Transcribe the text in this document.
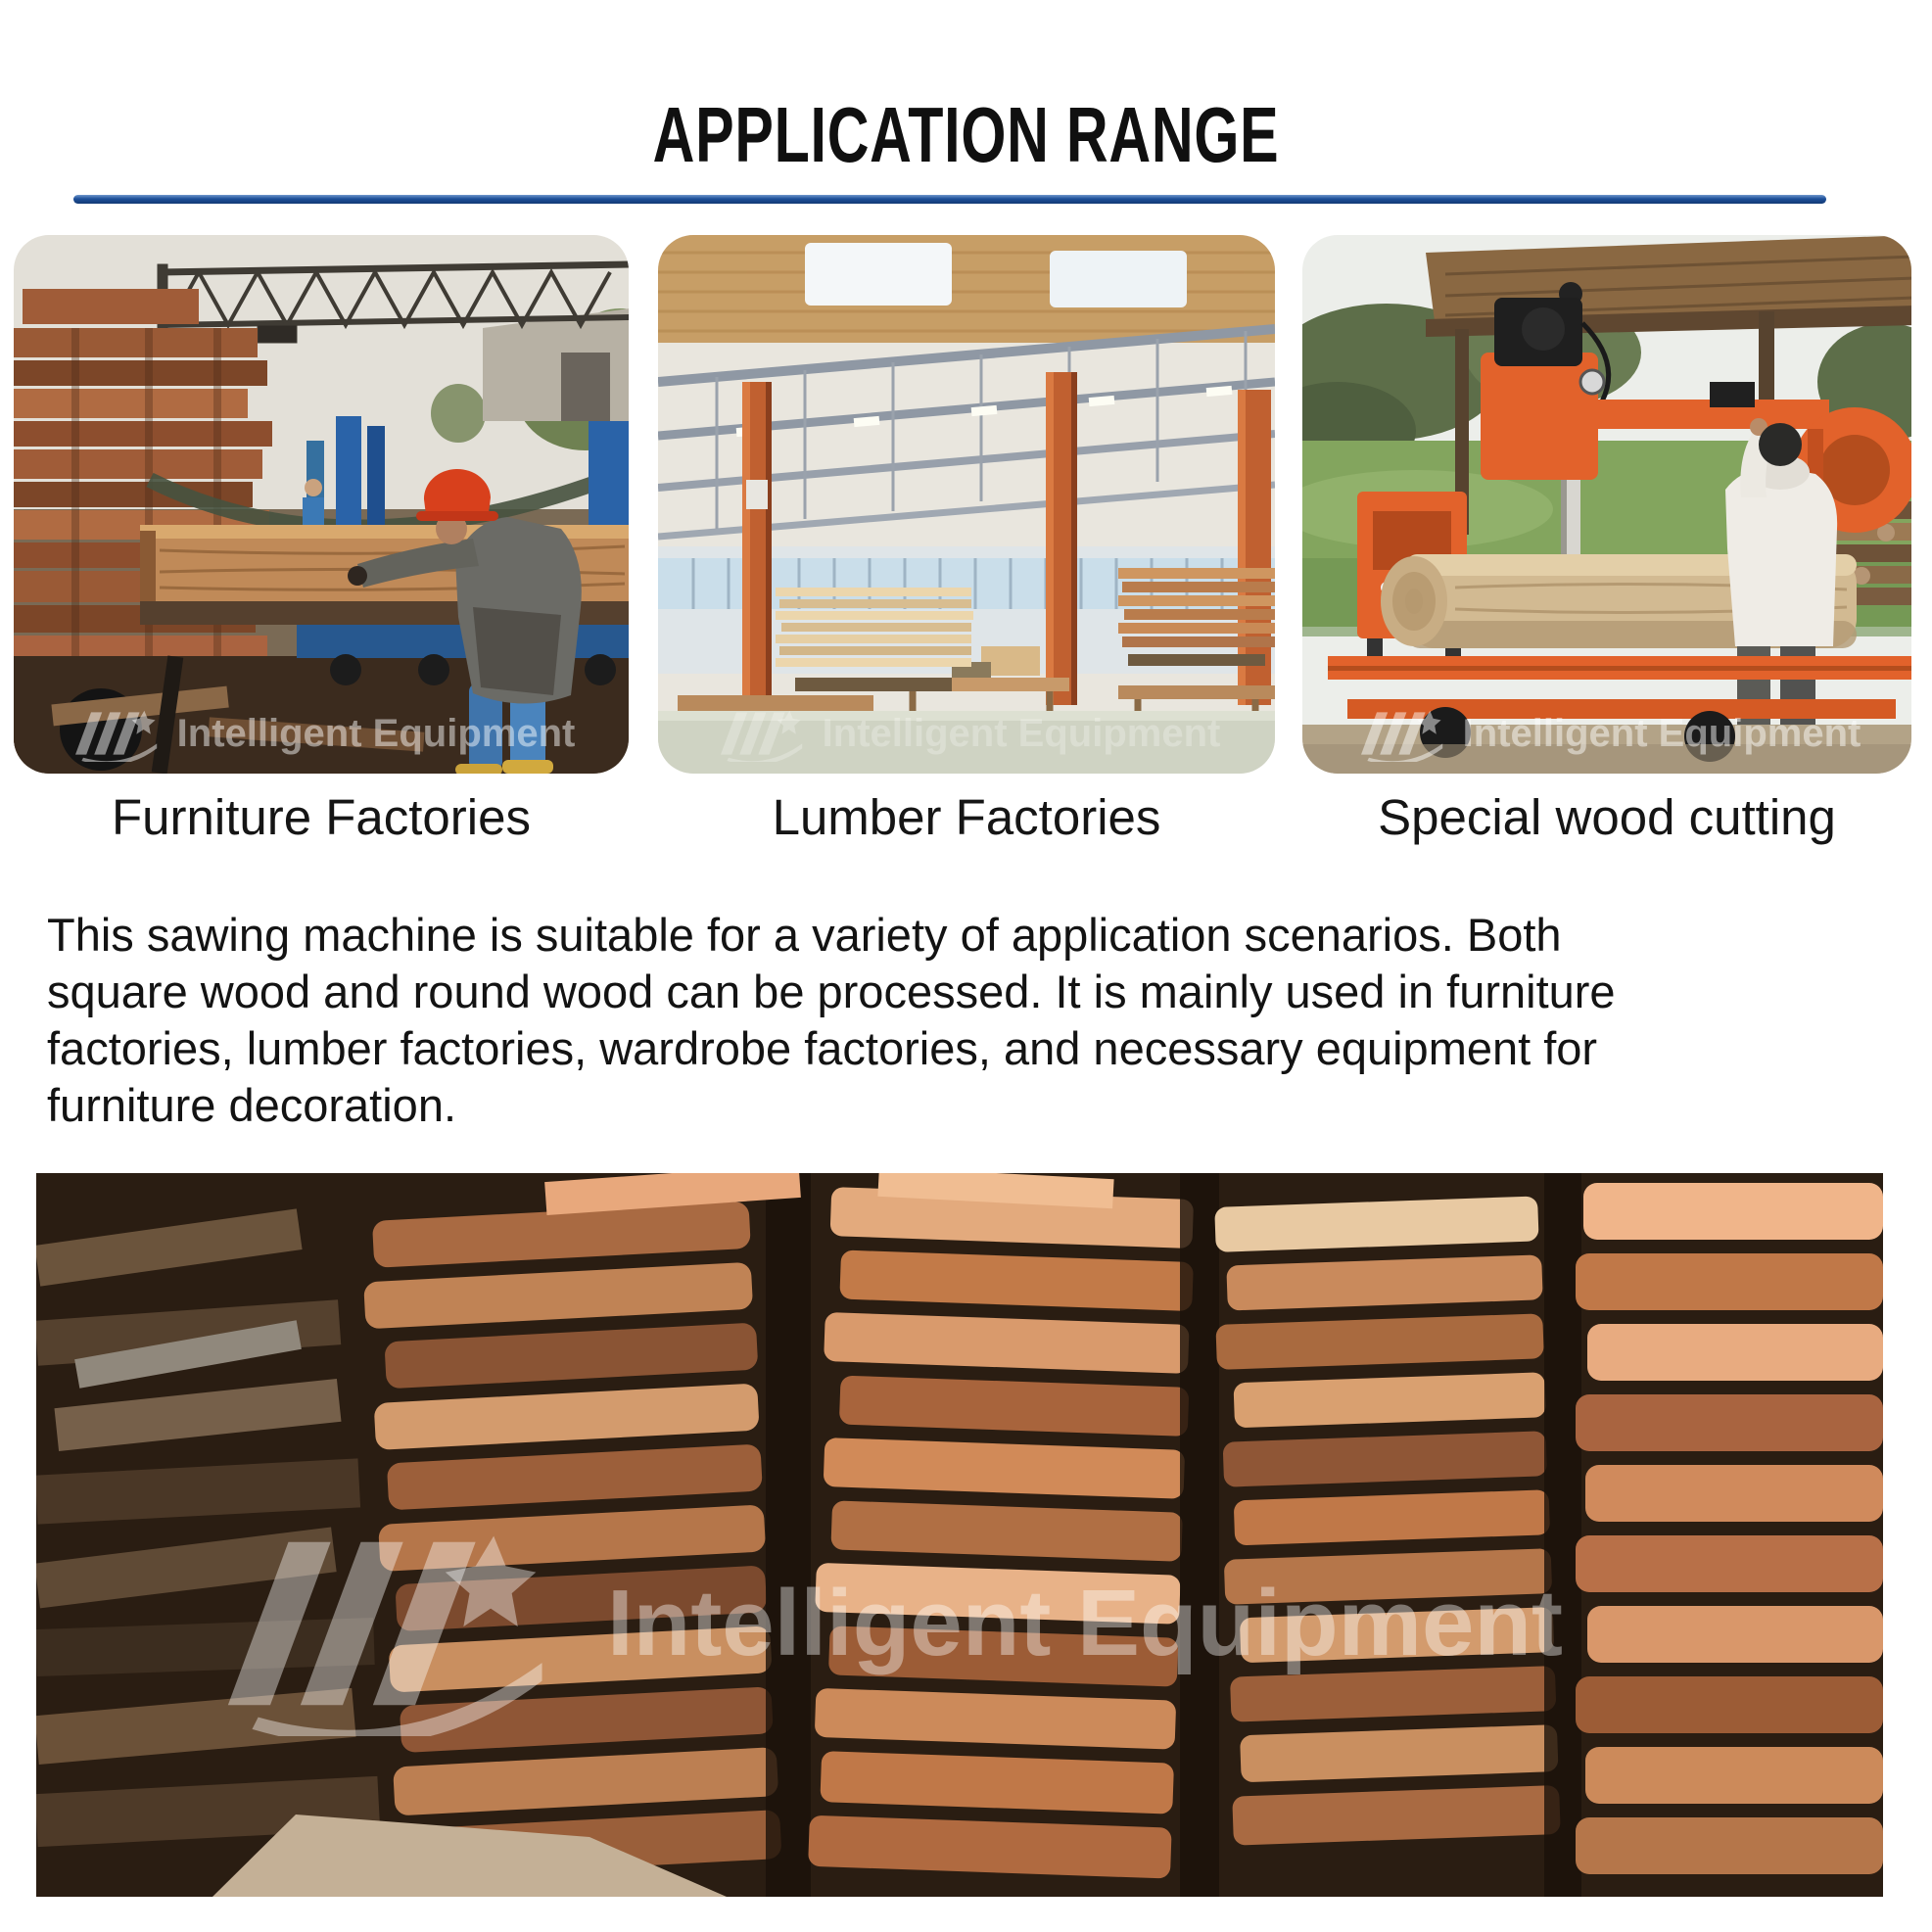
APPLICATION RANGE
Intelligent Equipment	Intelligent Equipment	Intelligent Equipment
Furniture Factories	Lumber Factories	Special wood cutting
This sawing machine is suitable for a variety of application scenarios. Both
square wood and round wood can be processed. It is mainly used in furniture
factories, lumber factories, wardrobe factories, and necessary equipment for
furniture decoration.
Intelligent Equipment
